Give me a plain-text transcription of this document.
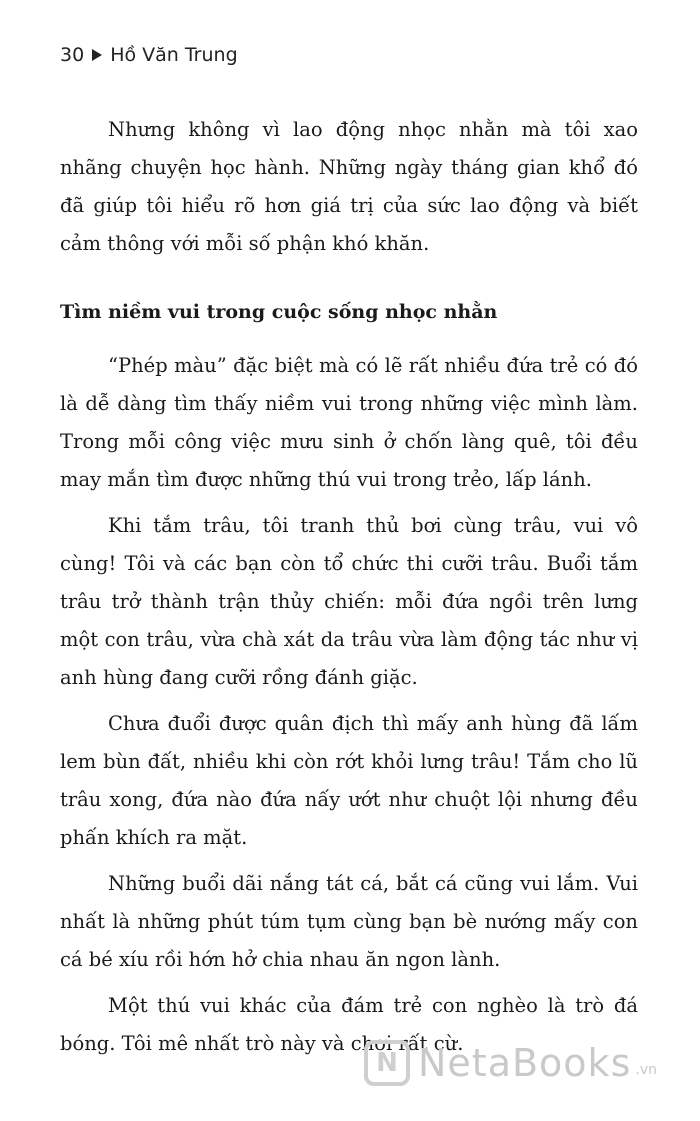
30 Hồ Văn Trung

Nhưng không vì lao động nhọc nhằn mà tôi xao nhãng chuyện học hành. Những ngày tháng gian khổ đó đã giúp tôi hiểu rõ hơn giá trị của sức lao động và biết cảm thông với mỗi số phận khó khăn.

Tìm niềm vui trong cuộc sống nhọc nhằn

“Phép màu” đặc biệt mà có lẽ rất nhiều đứa trẻ có đó là dễ dàng tìm thấy niềm vui trong những việc mình làm. Trong mỗi công việc mưu sinh ở chốn làng quê, tôi đều may mắn tìm được những thú vui trong trẻo, lấp lánh.

Khi tắm trâu, tôi tranh thủ bơi cùng trâu, vui vô cùng! Tôi và các bạn còn tổ chức thi cưỡi trâu. Buổi tắm trâu trở thành trận thủy chiến: mỗi đứa ngồi trên lưng một con trâu, vừa chà xát da trâu vừa làm động tác như vị anh hùng đang cưỡi rồng đánh giặc.

Chưa đuổi được quân địch thì mấy anh hùng đã lấm lem bùn đất, nhiều khi còn rớt khỏi lưng trâu! Tắm cho lũ trâu xong, đứa nào đứa nấy ướt như chuột lội nhưng đều phấn khích ra mặt.

Những buổi dãi nắng tát cá, bắt cá cũng vui lắm. Vui nhất là những phút túm tụm cùng bạn bè nướng mấy con cá bé xíu rồi hớn hở chia nhau ăn ngon lành.

Một thú vui khác của đám trẻ con nghèo là trò đá bóng. Tôi mê nhất trò này và chơi rất cừ.

N NetaBooks .vn
